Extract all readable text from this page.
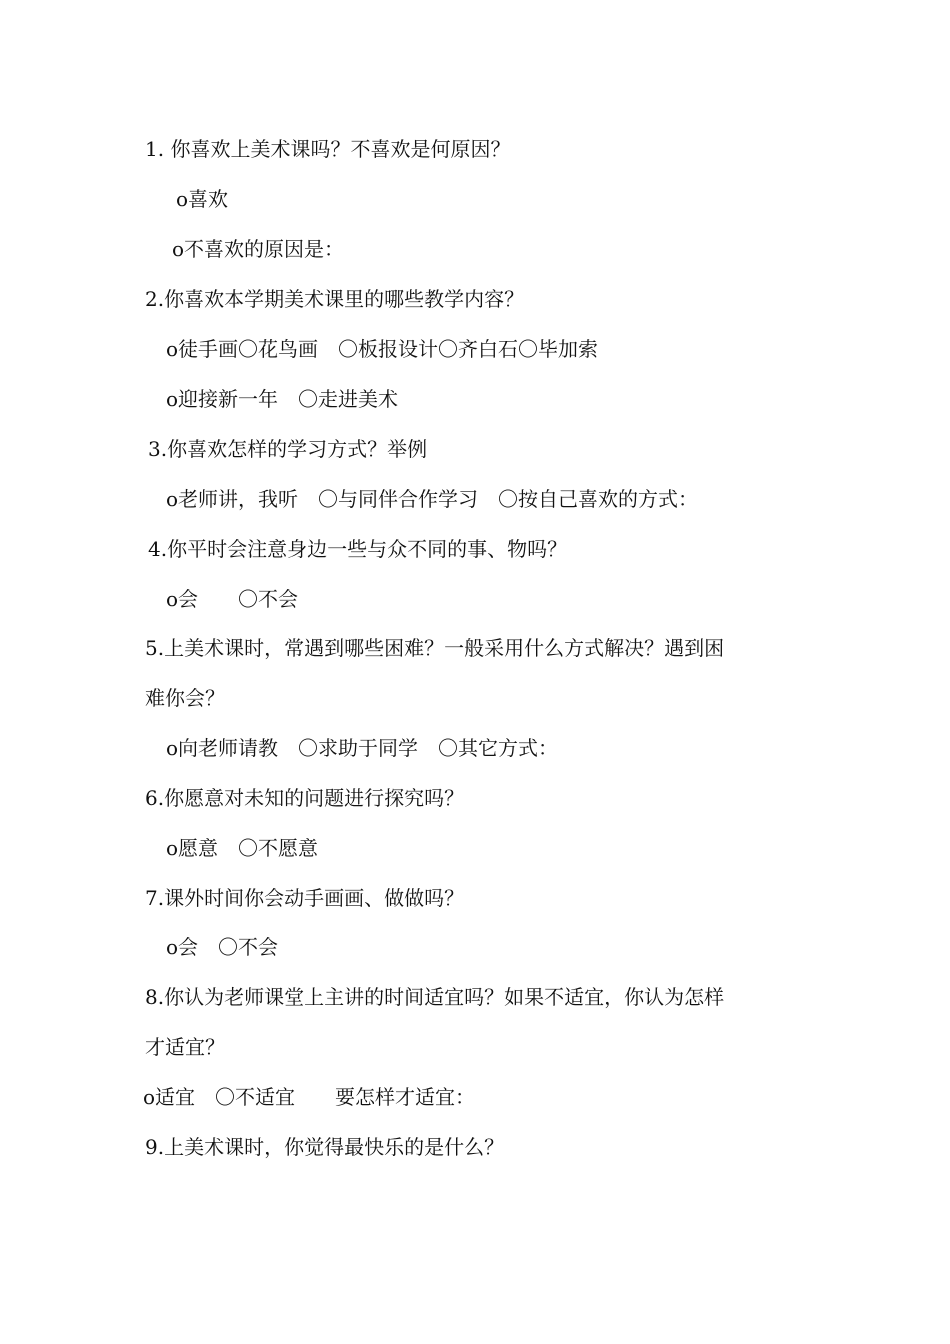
1. 你喜欢上美术课吗？不喜欢是何原因？
o喜欢
o不喜欢的原因是：
2.你喜欢本学期美术课里的哪些教学内容？
o徒手画〇花鸟画　〇板报设计〇齐白石〇毕加索
o迎接新一年　〇走进美术
3.你喜欢怎样的学习方式？举例
o老师讲，我听　〇与同伴合作学习　〇按自己喜欢的方式：
4.你平时会注意身边一些与众不同的事、物吗？
o会　　〇不会
5.上美术课时，常遇到哪些困难？一般采用什么方式解决？遇到困
难你会？
o向老师请教　〇求助于同学　〇其它方式：
6.你愿意对未知的问题进行探究吗？
o愿意　〇不愿意
7.课外时间你会动手画画、做做吗？
o会　〇不会
8.你认为老师课堂上主讲的时间适宜吗？如果不适宜，你认为怎样
才适宜？
o适宜　〇不适宜　　要怎样才适宜：
9.上美术课时，你觉得最快乐的是什么？
